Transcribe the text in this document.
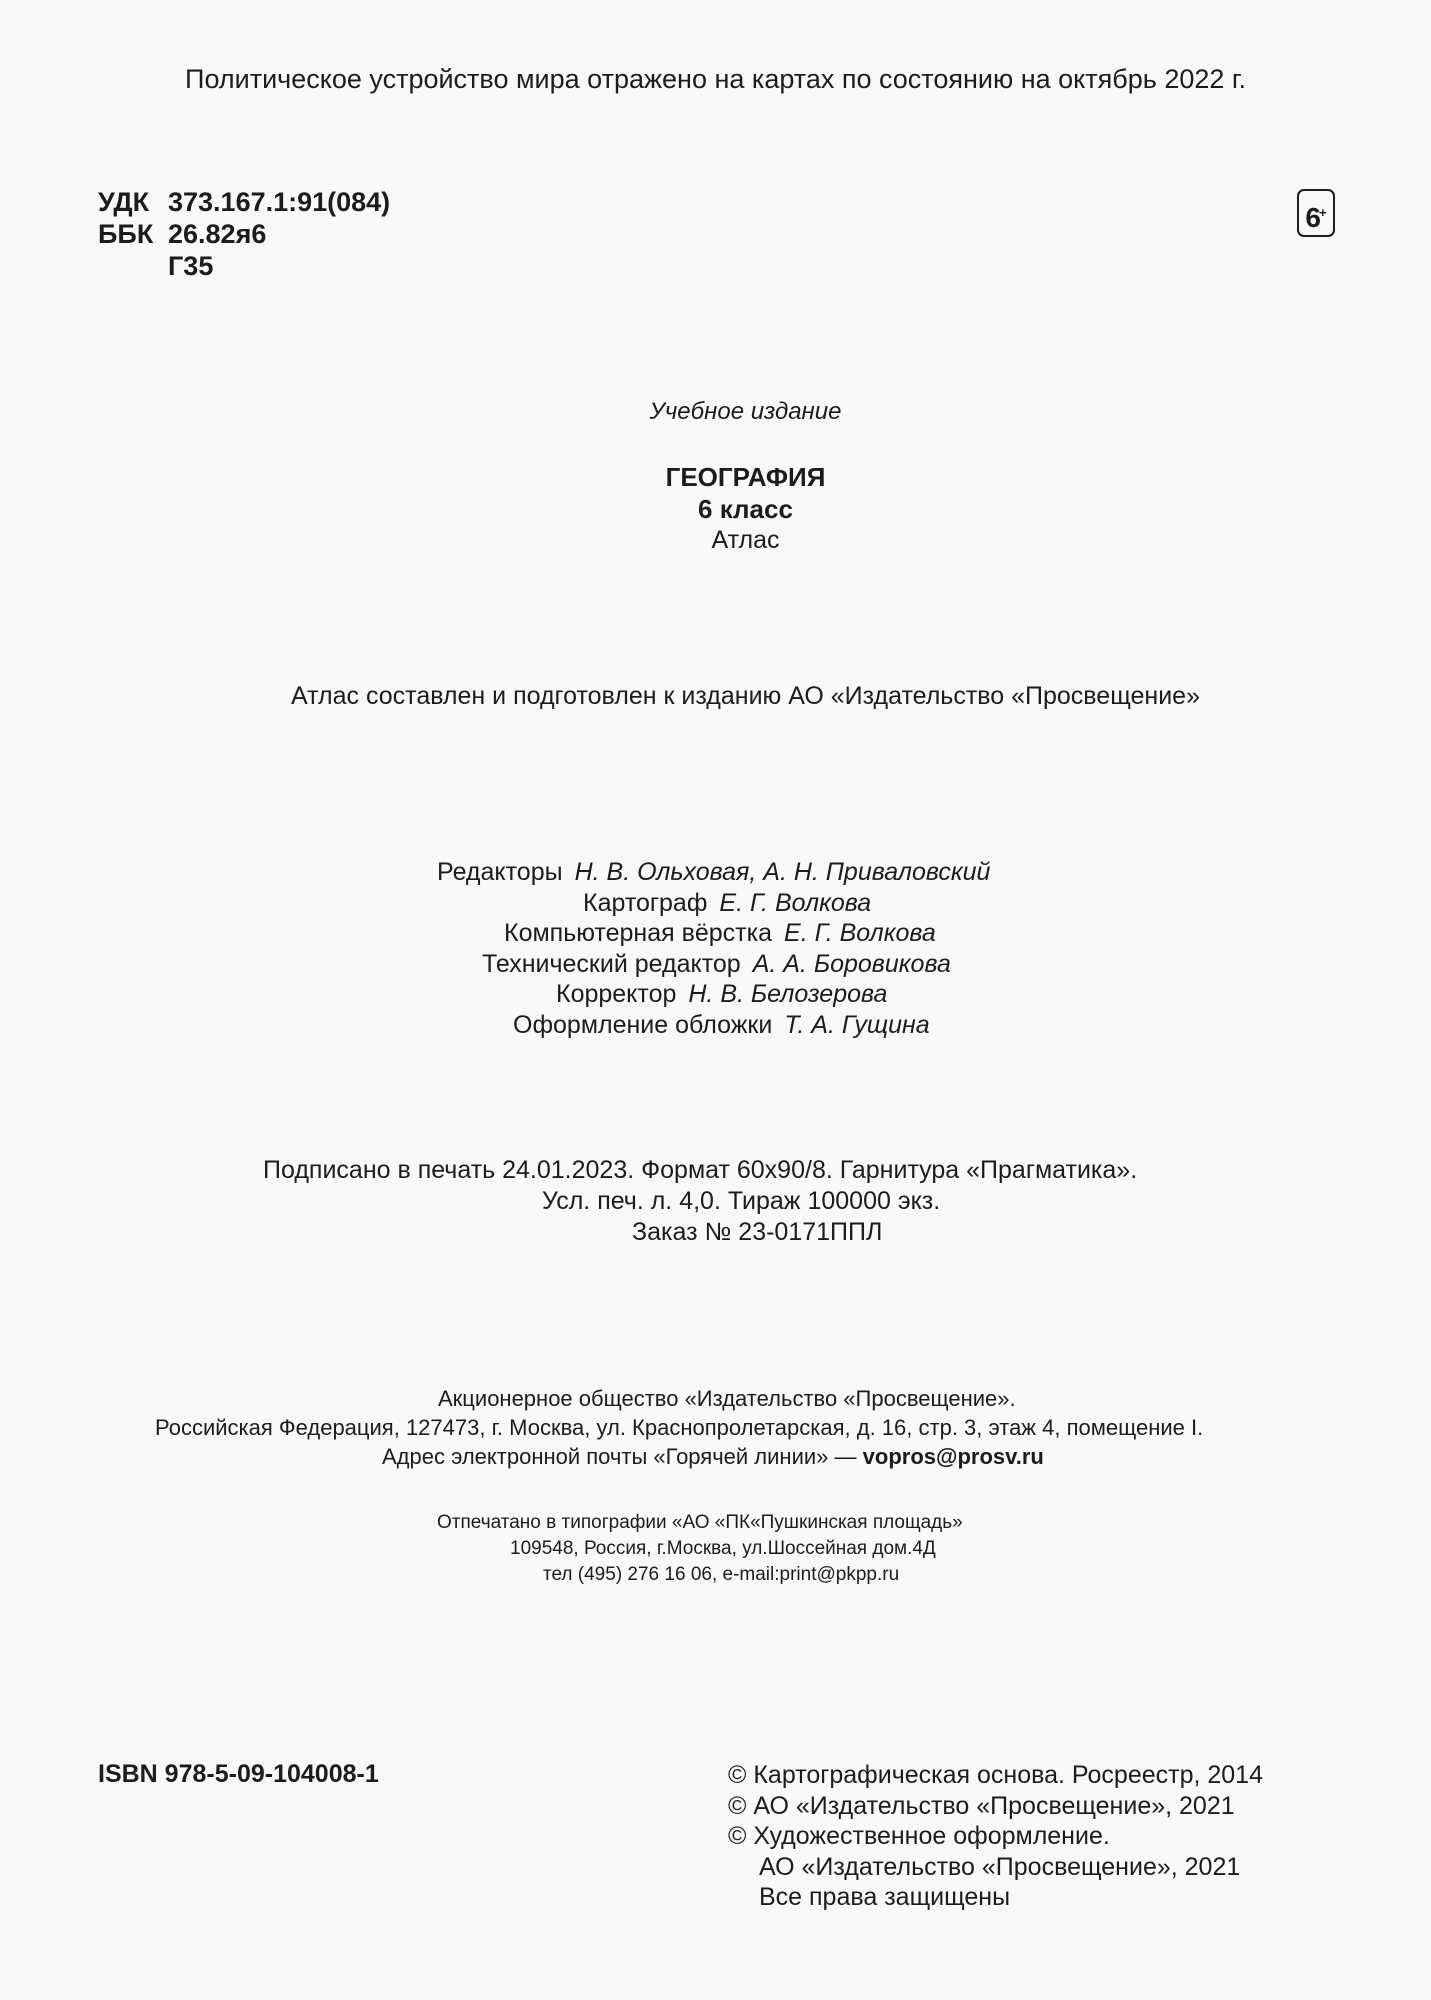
Политическое устройство мира отражено на картах по состоянию на октябрь 2022 г.
УДК 373.167.1:91(084)
ББК 26.82я6
Г35
6+
Учебное издание
ГЕОГРАФИЯ
6 класс
Атлас
Атлас составлен и подготовлен к изданию АО «Издательство «Просвещение»
Редакторы Н. В. Ольховая, А. Н. Приваловский
Картограф Е. Г. Волкова
Компьютерная вёрстка Е. Г. Волкова
Технический редактор А. А. Боровикова
Корректор Н. В. Белозерова
Оформление обложки Т. А. Гущина
Подписано в печать 24.01.2023. Формат 60x90/8. Гарнитура «Прагматика».
Усл. печ. л. 4,0. Тираж 100000 экз.
Заказ № 23-0171ППЛ
Акционерное общество «Издательство «Просвещение».
Российская Федерация, 127473, г. Москва, ул. Краснопролетарская, д. 16, стр. 3, этаж 4, помещение I.
Адрес электронной почты «Горячей линии» — vopros@prosv.ru
Отпечатано в типографии «АО «ПК«Пушкинская площадь»
109548, Россия, г.Москва, ул.Шоссейная дом.4Д
тел (495) 276 16 06, e-mail:print@pkpp.ru
ISBN 978-5-09-104008-1	© Картографическая основа. Росреестр, 2014
© АО «Издательство «Просвещение», 2021
© Художественное оформление.
АО «Издательство «Просвещение», 2021
Все права защищены
